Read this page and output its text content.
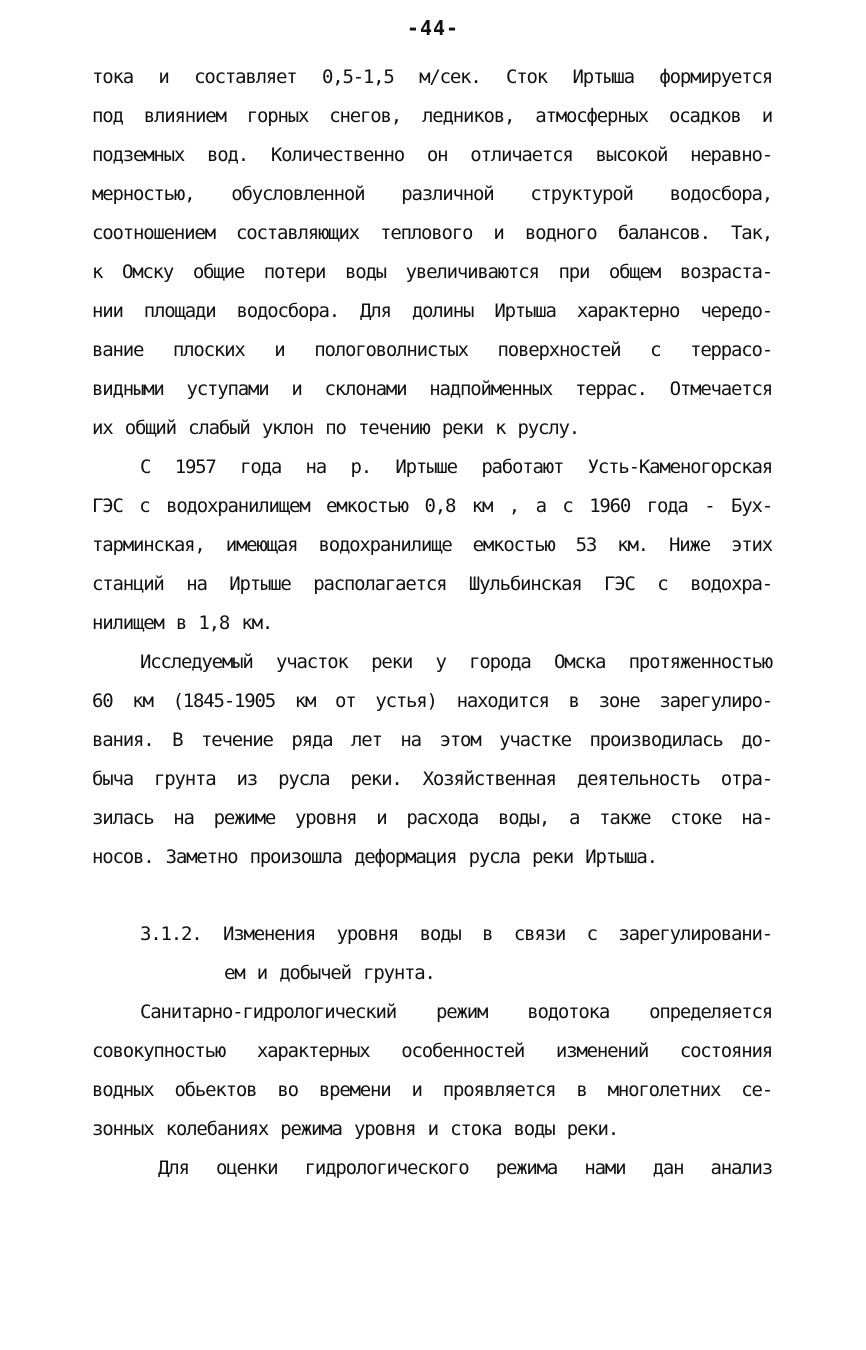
-44-
тока и составляет 0,5-1,5 м/сек. Сток Иртыша формируется
под влиянием горных снегов, ледников, атмосферных осадков и
подземных вод. Количественно он отличается высокой неравно-
мерностью, обусловленной различной структурой водосбора,
соотношением составляющих теплового и водного балансов. Так,
к Омску общие потери воды увеличиваются при общем возраста-
нии площади водосбора. Для долины Иртыша характерно чередо-
вание плоских и пологоволнистых поверхностей с террасо-
видными уступами и склонами надпойменных террас. Отмечается
их общий слабый уклон по течению реки к руслу.
С 1957 года на р. Иртыше работают Усть-Каменогорская
ГЭС с водохранилищем емкостью 0,8 км , а с 1960 года - Бух-
тарминская, имеющая водохранилище емкостью 53 км. Ниже этих
станций на Иртыше располагается Шульбинская ГЭС с водохра-
нилищем в 1,8 км.
Исследуемый участок реки у города Омска протяженностью
60 км (1845-1905 км от устья) находится в зоне зарегулиро-
вания. В течение ряда лет на этом участке производилась до-
быча грунта из русла реки. Хозяйственная деятельность отра-
зилась на режиме уровня и расхода воды, а также стоке на-
носов. Заметно произошла деформация русла реки Иртыша.
3.1.2. Изменения уровня воды в связи с зарегулировани-
ем и добычей грунта.
Санитарно-гидрологический режим водотока определяется
совокупностью характерных особенностей изменений состояния
водных обьектов во времени и проявляется в многолетних се-
зонных колебаниях режима уровня и стока воды реки.
Для оценки гидрологического режима нами дан анализ
